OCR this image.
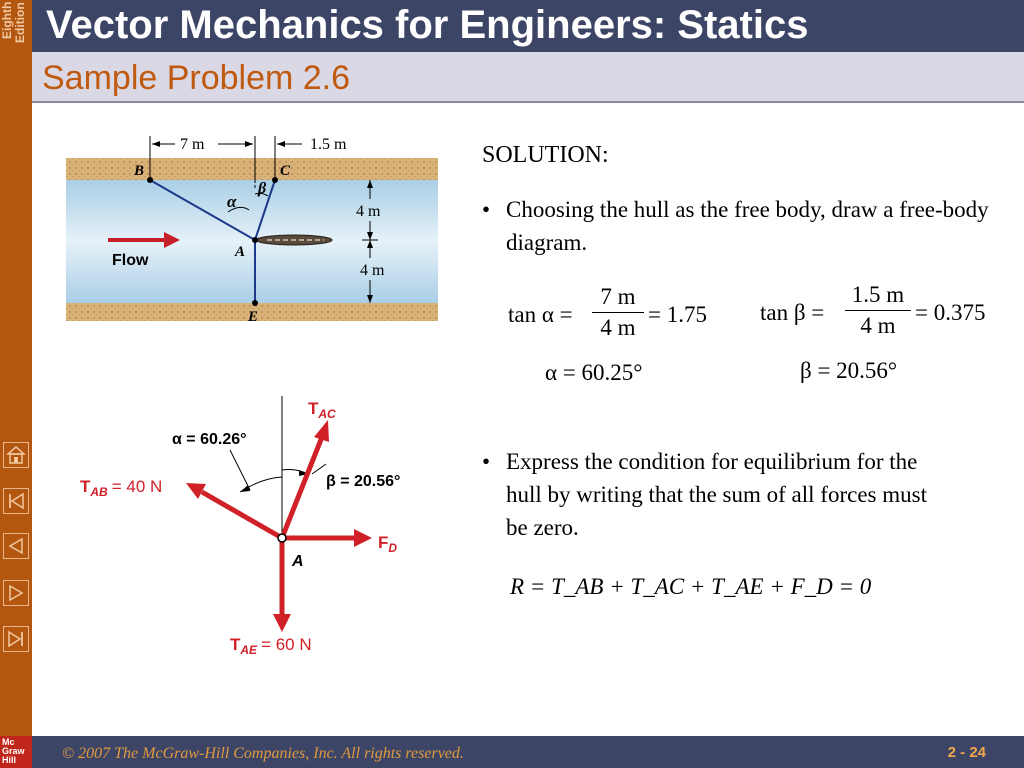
Eighth
Edition Vector Mechanics for Engineers: Statics
Sample Problem 2.6
7 m	1.5 m
4 m
4 m
B	C
A
E
α
β
Flow
A
α = 60.26°
β = 20.56°
$T_{AC}$
$T_{AB} = 40$ N
$F_D$
$T_{AE} = 60$ N
SOLUTION:
• Choosing the hull as the free body, draw a free-body diagram.
$\tan \alpha = \frac{7 m}{4 m} = 1.75$
α = 60.25°
$\tan \beta = \frac{1.5 m}{4 m} = 0.375$
β = 20.56°
• Express the condition for equilibrium for the hull by writing that the sum of all forces must be zero.
R = T_AB + T_AC + T_AE + F_D = 0
Mc
Graw
Hill	© 2007 The McGraw-Hill Companies, Inc. All rights reserved.	2 - 24
